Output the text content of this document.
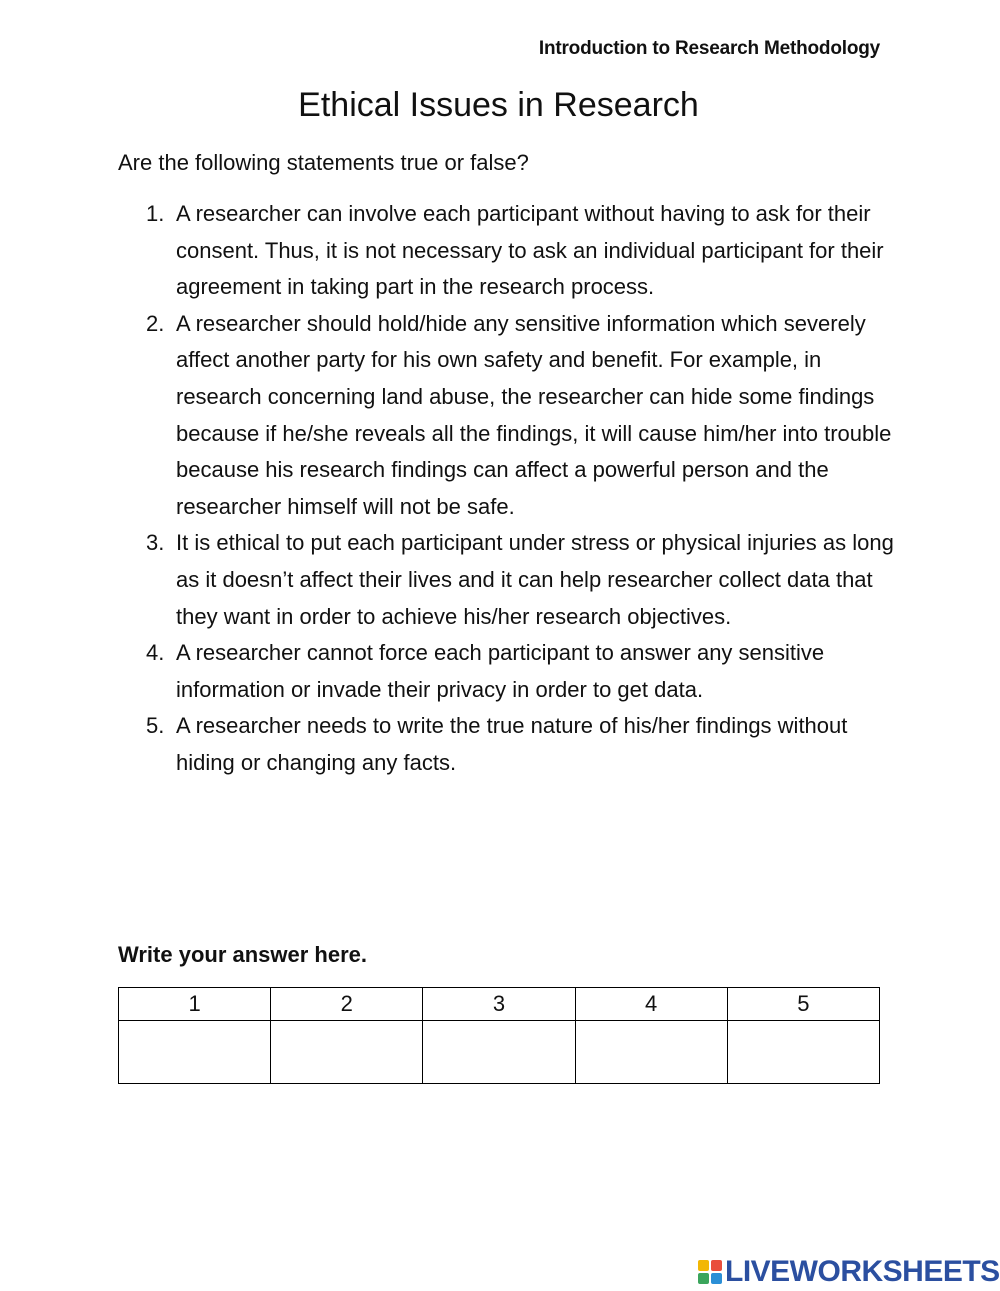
Introduction to Research Methodology
Ethical Issues in Research
Are the following statements true or false?
1. A researcher can involve each participant without having to ask for their consent. Thus, it is not necessary to ask an individual participant for their agreement in taking part in the research process.
2. A researcher should hold/hide any sensitive information which severely affect another party for his own safety and benefit. For example, in research concerning land abuse, the researcher can hide some findings because if he/she reveals all the findings, it will cause him/her into trouble because his research findings can affect a powerful person and the researcher himself will not be safe.
3. It is ethical to put each participant under stress or physical injuries as long as it doesn’t affect their lives and it can help researcher collect data that they want in order to achieve his/her research objectives.
4. A researcher cannot force each participant to answer any sensitive information or invade their privacy in order to get data.
5. A researcher needs to write the true nature of his/her findings without hiding or changing any facts.
Write your answer here.
1	2	3	4	5

LIVEWORKSHEETS
